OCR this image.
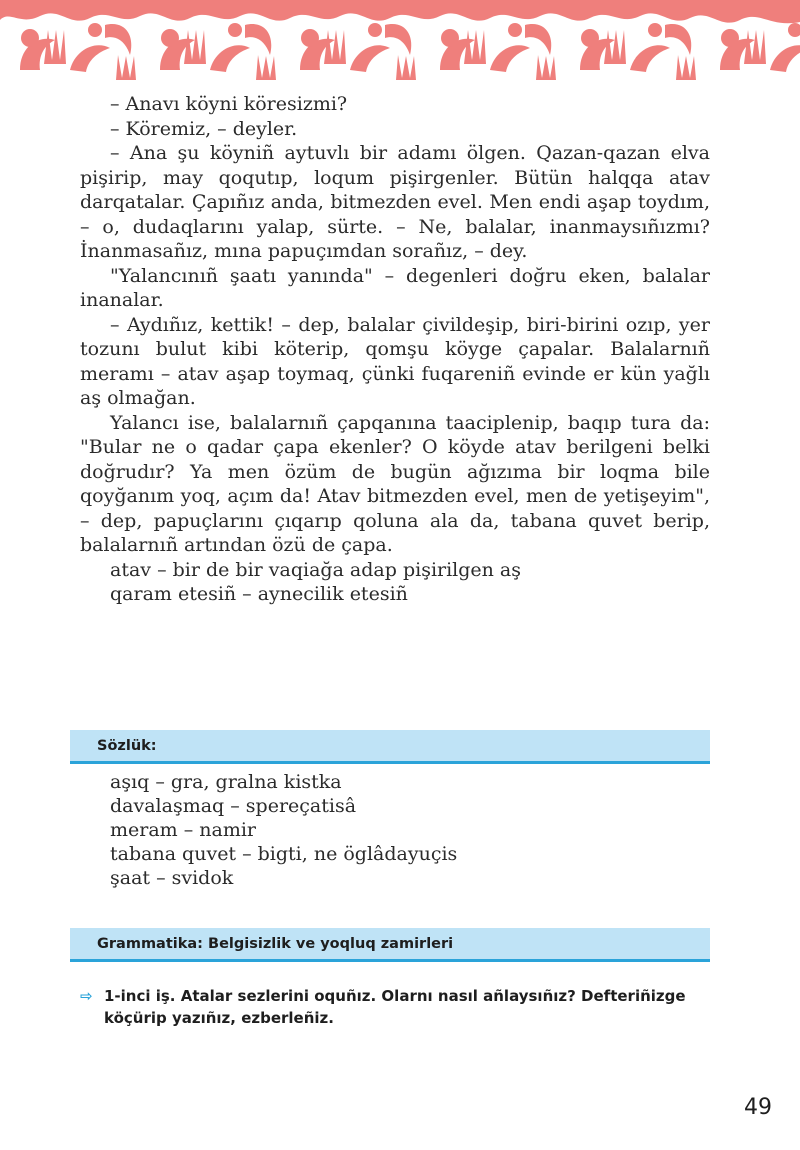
– Anavı köyni köresizmi?

– Köremiz, – deyler.

– Ana şu köyniñ aytuvlı bir adamı ölgen. Qazan-qazan elva pişirip, may qoqutıp, loqum pişirgenler. Bütün halqqa atav darqatalar. Çapıñız anda, bitmezden evel. Men endi aşap toydım, – o, dudaqlarını yalap, sürte. – Ne, balalar, inanmaysıñızmı? İnanmasañız, mına papuçımdan sorañız, – dey.

"Yalancınıñ şaatı yanında" – degenleri doğru eken, balalar inanalar.

– Aydıñız, kettik! – dep, balalar çivildeşip, biri-birini ozıp, yer tozunı bulut kibi köterip, qomşu köyge çapalar. Balalarnıñ meramı – atav aşap toymaq, çünki fuqareniñ evinde er kün yağlı aş olmağan.

Yalancı ise, balalarnıñ çapqanına taaciplenip, baqıp tura da: "Bular ne o qadar çapa ekenler? O köyde atav berilgeni belki doğrudır? Ya men özüm de bugün ağızıma bir loqma bile qoyğanım yoq, açım da! Atav bitmezden evel, men de yetişeyim", – dep, papuçlarını çıqarıp qoluna ala da, tabana quvet berip, balalarnıñ artından özü de çapa.

atav – bir de bir vaqiağa adap pişirilgen aş

qaram etesiñ – aynecilik etesiñ

Sözlük:
aşıq – gra, gralna kistka
davalaşmaq – spereçatisâ
meram – namir
tabana quvet – bigti, ne öglâdayuçis
şaat – svidok
Grammatika: Belgisizlik ve yoqluq zamirleri
⇨ 1-inci iş. Atalar sezlerini oquñız. Olarnı nasıl añlaysıñız? Defteriñizge köçürip yazıñız, ezberleñiz.
49
